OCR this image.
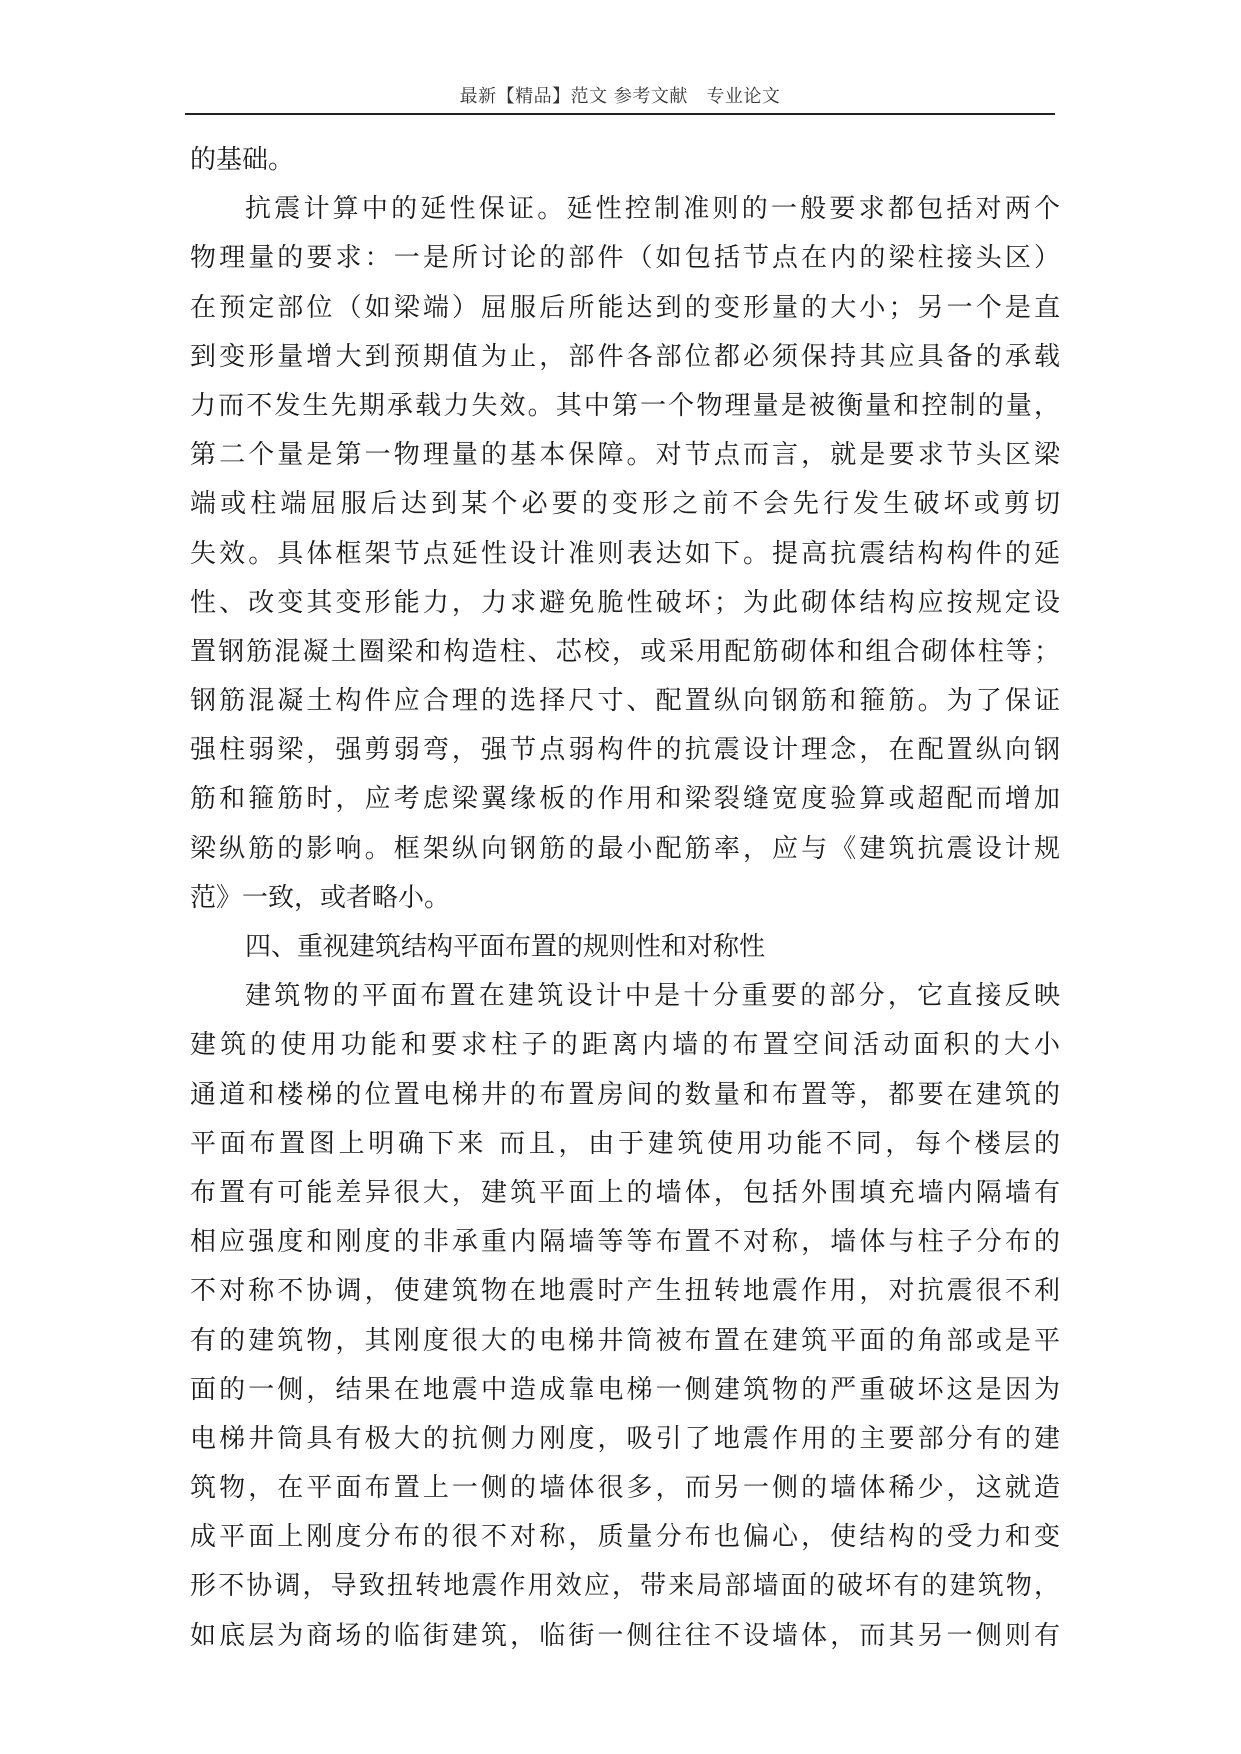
最新【精品】范文 参考文献　专业论文
的基础。
抗震计算中的延性保证。延性控制准则的一般要求都包括对两个
物理量的要求：一是所讨论的部件（如包括节点在内的梁柱接头区）
在预定部位（如梁端）屈服后所能达到的变形量的大小；另一个是直
到变形量增大到预期值为止，部件各部位都必须保持其应具备的承载
力而不发生先期承载力失效。其中第一个物理量是被衡量和控制的量，
第二个量是第一物理量的基本保障。对节点而言，就是要求节头区梁
端或柱端屈服后达到某个必要的变形之前不会先行发生破坏或剪切
失效。具体框架节点延性设计准则表达如下。提高抗震结构构件的延
性、改变其变形能力，力求避免脆性破坏；为此砌体结构应按规定设
置钢筋混凝土圈梁和构造柱、芯校，或采用配筋砌体和组合砌体柱等；
钢筋混凝土构件应合理的选择尺寸、配置纵向钢筋和箍筋。为了保证
强柱弱梁，强剪弱弯，强节点弱构件的抗震设计理念，在配置纵向钢
筋和箍筋时，应考虑梁翼缘板的作用和梁裂缝宽度验算或超配而增加
梁纵筋的影响。框架纵向钢筋的最小配筋率，应与《建筑抗震设计规
范》一致，或者略小。
四、重视建筑结构平面布置的规则性和对称性
建筑物的平面布置在建筑设计中是十分重要的部分，它直接反映
建筑的使用功能和要求柱子的距离内墙的布置空间活动面积的大小
通道和楼梯的位置电梯井的布置房间的数量和布置等，都要在建筑的
平面布置图上明确下来 而且，由于建筑使用功能不同，每个楼层的
布置有可能差异很大，建筑平面上的墙体，包括外围填充墙内隔墙有
相应强度和刚度的非承重内隔墙等等布置不对称，墙体与柱子分布的
不对称不协调，使建筑物在地震时产生扭转地震作用，对抗震很不利
有的建筑物，其刚度很大的电梯井筒被布置在建筑平面的角部或是平
面的一侧，结果在地震中造成靠电梯一侧建筑物的严重破坏这是因为
电梯井筒具有极大的抗侧力刚度，吸引了地震作用的主要部分有的建
筑物，在平面布置上一侧的墙体很多，而另一侧的墙体稀少，这就造
成平面上刚度分布的很不对称，质量分布也偏心，使结构的受力和变
形不协调，导致扭转地震作用效应，带来局部墙面的破坏有的建筑物，
如底层为商场的临街建筑，临街一侧往往不设墙体，而其另一侧则有
